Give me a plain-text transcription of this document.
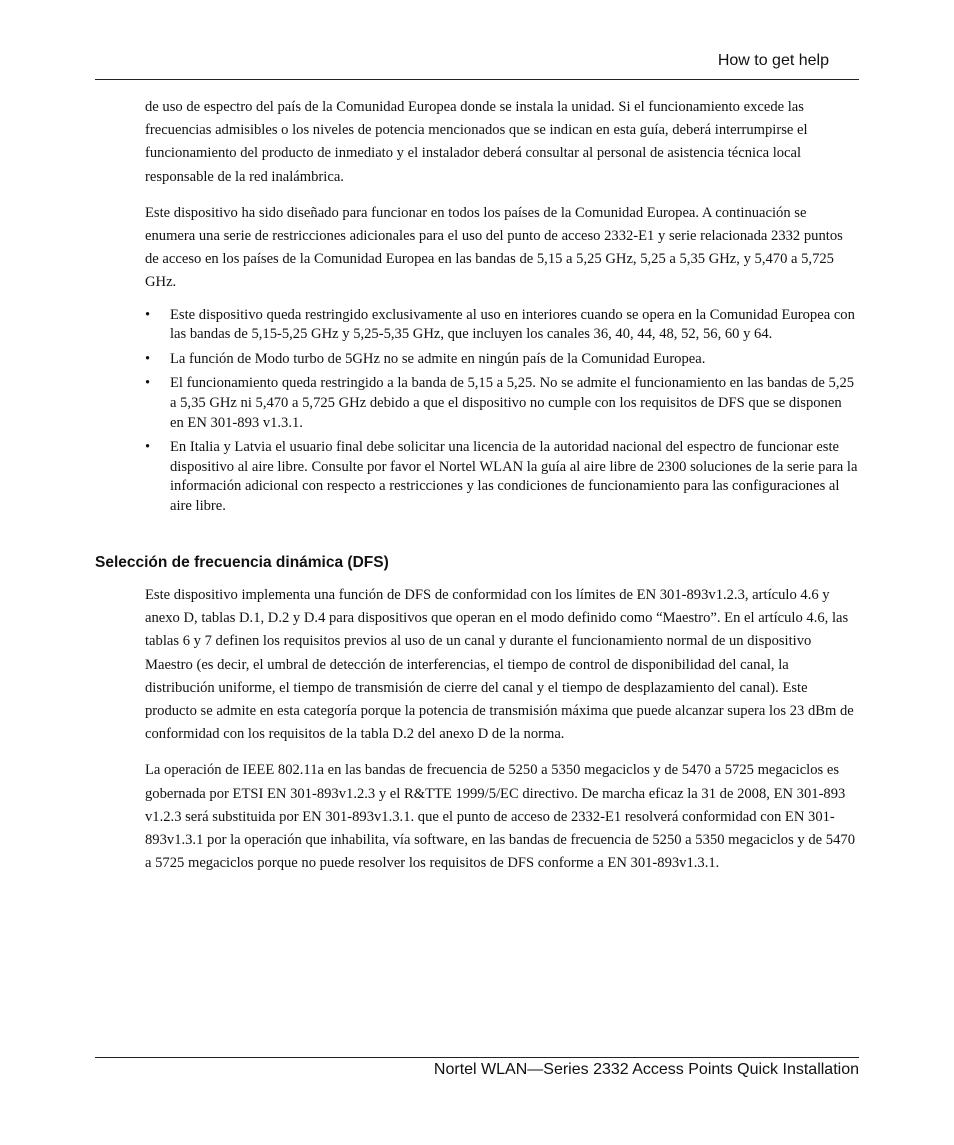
How to get help

de uso de espectro del país de la Comunidad Europea donde se instala la unidad. Si el funcionamiento excede las frecuencias admisibles o los niveles de potencia mencionados que se indican en esta guía, deberá interrumpirse el funcionamiento del producto de inmediato y el instalador deberá consultar al personal de asistencia técnica local responsable de la red inalámbrica.

Este dispositivo ha sido diseñado para funcionar en todos los países de la Comunidad Europea. A continuación se enumera una serie de restricciones adicionales para el uso del punto de acceso 2332-E1 y serie relacionada 2332 puntos de acceso en los países de la Comunidad Europea en las bandas de 5,15 a 5,25 GHz, 5,25 a 5,35 GHz, y 5,470 a 5,725 GHz.

• Este dispositivo queda restringido exclusivamente al uso en interiores cuando se opera en la Comunidad Europea con las bandas de 5,15-5,25 GHz y 5,25-5,35 GHz, que incluyen los canales 36, 40, 44, 48, 52, 56, 60 y 64.
• La función de Modo turbo de 5GHz no se admite en ningún país de la Comunidad Europea.
• El funcionamiento queda restringido a la banda de 5,15 a 5,25. No se admite el funcionamiento en las bandas de 5,25 a 5,35 GHz ni 5,470 a 5,725 GHz debido a que el dispositivo no cumple con los requisitos de DFS que se disponen en EN 301-893 v1.3.1.
• En Italia y Latvia el usuario final debe solicitar una licencia de la autoridad nacional del espectro de funcionar este dispositivo al aire libre. Consulte por favor el Nortel WLAN la guía al aire libre de 2300 soluciones de la serie para la información adicional con respecto a restricciones y las condiciones de funcionamiento para las configuraciones al aire libre.
Selección de frecuencia dinámica (DFS)

Este dispositivo implementa una función de DFS de conformidad con los límites de EN 301-893v1.2.3, artículo 4.6 y anexo D, tablas D.1, D.2 y D.4 para dispositivos que operan en el modo definido como “Maestro”. En el artículo 4.6, las tablas 6 y 7 definen los requisitos previos al uso de un canal y durante el funcionamiento normal de un dispositivo Maestro (es decir, el umbral de detección de interferencias, el tiempo de control de disponibilidad del canal, la distribución uniforme, el tiempo de transmisión de cierre del canal y el tiempo de desplazamiento del canal). Este producto se admite en esta categoría porque la potencia de transmisión máxima que puede alcanzar supera los 23 dBm de conformidad con los requisitos de la tabla D.2 del anexo D de la norma.

La operación de IEEE 802.11a en las bandas de frecuencia de 5250 a 5350 megaciclos y de 5470 a 5725 megaciclos es gobernada por ETSI EN 301-893v1.2.3 y el R&TTE 1999/5/EC directivo. De marcha eficaz la 31 de 2008, EN 301-893 v1.2.3 será substituida por EN 301-893v1.3.1. que el punto de acceso de 2332-E1 resolverá conformidad con EN 301-893v1.3.1 por la operación que inhabilita, vía software, en las bandas de frecuencia de 5250 a 5350 megaciclos y de 5470 a 5725 megaciclos porque no puede resolver los requisitos de DFS conforme a EN 301-893v1.3.1.

Nortel WLAN—Series 2332 Access Points Quick Installation
